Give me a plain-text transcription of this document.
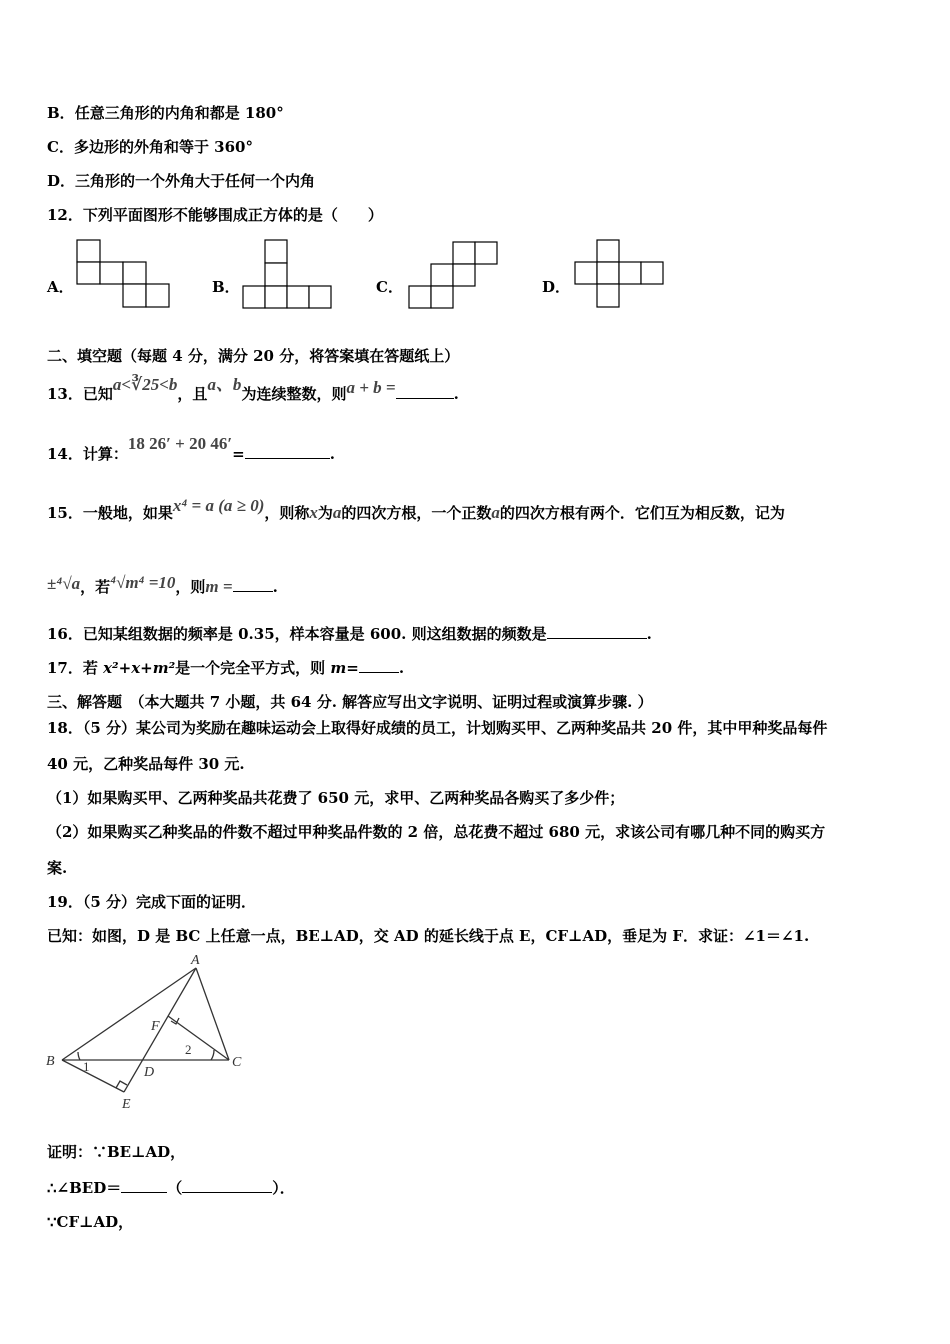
B．任意三角形的内角和都是 180°
C．多边形的外角和等于 360°
D．三角形的一个外角大于任何一个内角
12．下列平面图形不能够围成正方体的是（　　）
A．	B．	C．	D．
二、填空题（每题 4 分，满分 20 分，将答案填在答题纸上）
13．已知a<∛25<b，且a、b为连续整数，则a + b =	.
14．计算：18 26′ + 20 46′=	.
15．一般地，如果x⁴ = a (a ≥ 0)，则称x为a的四次方根，一个正数a的四次方根有两个．它们互为相反数，记为
±⁴√a，若⁴√m⁴ =10，则m =	.
16．已知某组数据的频率是 0.35，样本容量是 600. 则这组数据的频数是	.
17．若 x²+x+m²是一个完全平方式，则 m=	.
三、解答题　（本大题共 7 小题，共 64 分. 解答应写出文字说明、证明过程或演算步骤. ）
18．（5 分）某公司为奖励在趣味运动会上取得好成绩的员工，计划购买甲、乙两种奖品共 20 件，其中甲种奖品每件
40 元，乙种奖品每件 30 元.
（1）如果购买甲、乙两种奖品共花费了 650 元，求甲、乙两种奖品各购买了多少件；
（2）如果购买乙种奖品的件数不超过甲种奖品件数的 2 倍，总花费不超过 680 元，求该公司有哪几种不同的购买方
案.
19．（5 分）完成下面的证明．
已知：如图，D 是 BC 上任意一点，BE⊥AD，交 AD 的延长线于点 E，CF⊥AD，垂足为 F．求证：∠1＝∠1.
A
B	C
D
E
F
1
2
证明：∵BE⊥AD，
∴∠BED＝	（	）．
∵CF⊥AD，
